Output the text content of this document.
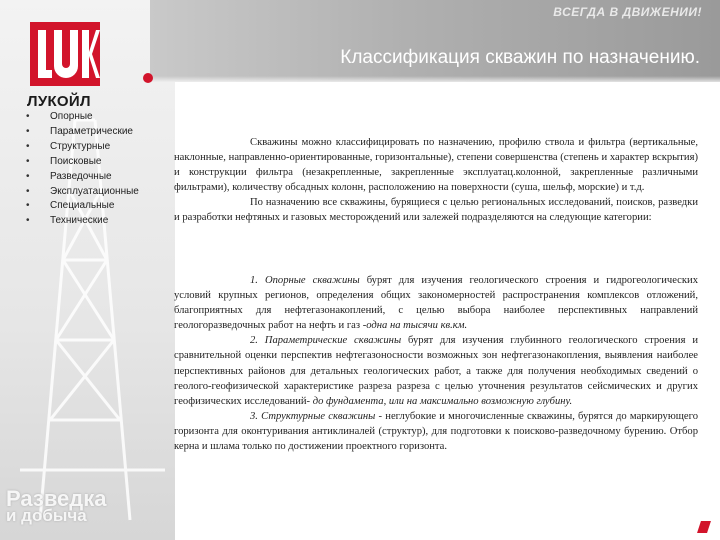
ВСЕГДА В ДВИЖЕНИИ!
Классификация скважин по назначению.
ЛУКОЙЛ
• Опорные
• Параметрические
• Структурные
• Поисковые
• Разведочные
• Эксплуатационные
• Специальные
• Технические

Скважины можно классифицировать по назначению, профилю ствола и фильтра (вертикальные, наклонные, направленно-ориентированные, горизонтальные), степени совершенства (степень и характер вскрытия) и конструкции фильтра (незакрепленные, закрепленные эксплуатац.колонной, закрепленные различными фильтрами), количеству обсадных колонн, расположению на поверхности (суша, шельф, морские) и т.д.

По назначению все скважины, бурящиеся с целью региональных исследований, поисков, разведки и разработки нефтяных и газовых месторождений или залежей подразделяются на следующие категории:

1. Опорные скважины бурят для изучения геологического строения и гидрогеологических условий крупных регионов, определения общих закономерностей распространения комплексов отложений, благоприятных для нефтегазонакоплений, с целью выбора наиболее перспективных направлений геологоразведочных работ на нефть и газ -одна на тысячи кв.км.

2. Параметрические скважины бурят для изучения глубинного геологического строения и сравнительной оценки перспектив нефтегазоносности возможных зон нефтегазонакопления, выявления наиболее перспективных районов для детальных геологических работ, а также для получения необходимых сведений о геолого-геофизической характеристике разреза разреза с целью уточнения результатов сейсмических и других геофизических исследований- до фундамента, или на максимально возможную глубину.

3. Структурные скважины - неглубокие и многочисленные скважины, бурятся до маркирующего горизонта для оконтуривания антиклиналей (структур), для подготовки к поисково-разведочному бурению. Отбор керна и шлама только по достижении проектного горизонта.

Разведка
и добыча
